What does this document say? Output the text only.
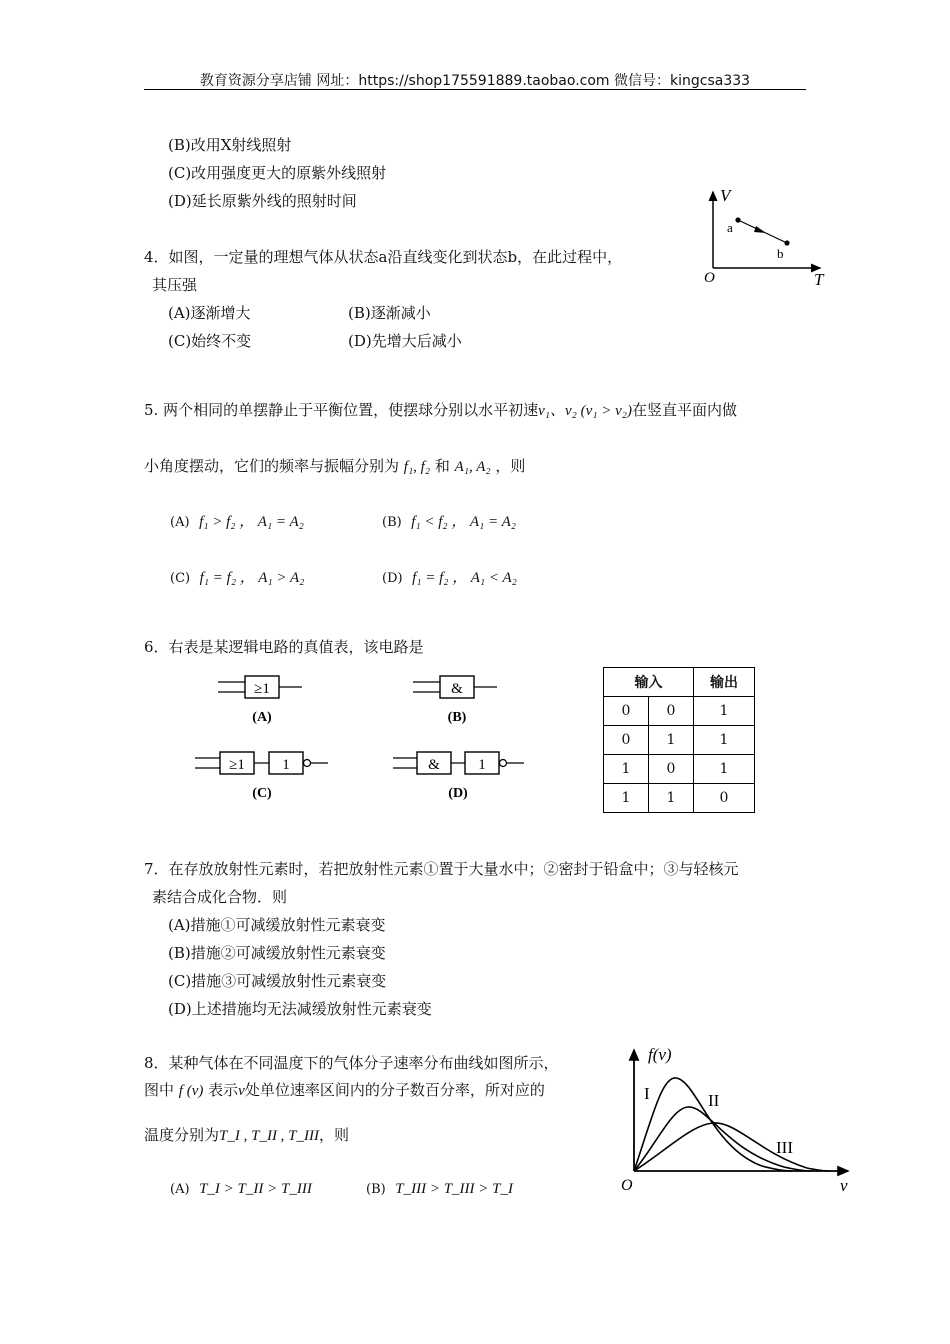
教育资源分享店铺 网址：https://shop175591889.taobao.com 微信号：kingcsa333
(B)改用X射线照射
(C)改用强度更大的原紫外线照射
(D)延长原紫外线的照射时间
4．如图，一定量的理想气体从状态a沿直线变化到状态b，在此过程中，
其压强
(A)逐渐增大	(B)逐渐减小
(C)始终不变	(D)先增大后减小
V
T
O
a
b
5. 两个相同的单摆静止于平衡位置，使摆球分别以水平初速v₁、v₂ (v₁ > v₂)在竖直平面内做
小角度摆动，它们的频率与振幅分别为 f₁, f₂ 和 A₁, A₂ ，则
(A) f₁ > f₂ ， A₁ = A₂	(B) f₁ < f₂ ， A₁ = A₂
(C) f₁ = f₂ ， A₁ > A₂	(D) f₁ = f₂ ， A₁ < A₂
6．右表是某逻辑电路的真值表，该电路是
≥1
(A)
&
(B)
≥1 1
(C)
&	1
(D)
输入		输出
0	0	1
0	1	1
1	0	1
1	1	0
7．在存放放射性元素时，若把放射性元素①置于大量水中；②密封于铅盒中；③与轻核元
素结合成化合物．则
(A)措施①可减缓放射性元素衰变
(B)措施②可减缓放射性元素衰变
(C)措施③可减缓放射性元素衰变
(D)上述措施均无法减缓放射性元素衰变
8．某种气体在不同温度下的气体分子速率分布曲线如图所示，
图中 f (v) 表示v处单位速率区间内的分子数百分率，所对应的
温度分别为T_I , T_II , T_III，则
(A) T_I > T_II > T_III	(B) T_III > T_III > T_I
f(v)
v
O
I	II
III
